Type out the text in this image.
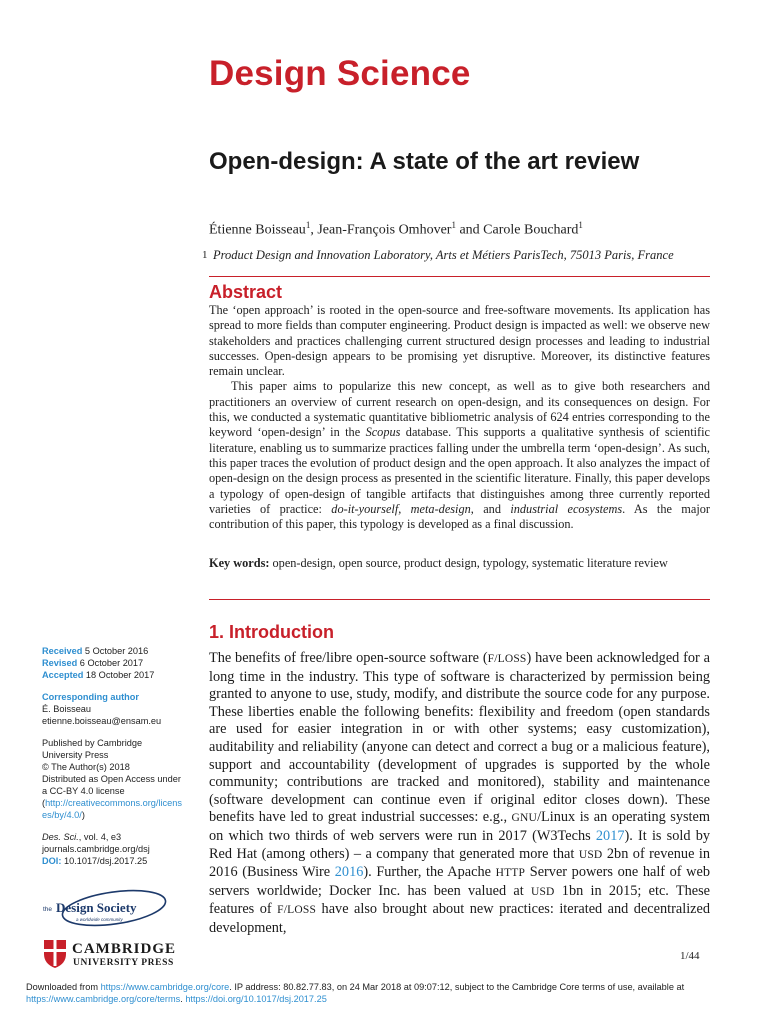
Design Science
Open-design: A state of the art review
Étienne Boisseau$^1$, Jean-François Omhover$^1$ and Carole Bouchard$^1$
1 Product Design and Innovation Laboratory, Arts et Métiers ParisTech, 75013 Paris, France
Abstract

The ‘open approach’ is rooted in the open-source and free-software movements. Its application has spread to more fields than computer engineering. Product design is impacted as well: we observe new stakeholders and practices challenging current structured design processes and leading to industrial successes. Open-design appears to be promising yet disruptive. Moreover, its distinctive features remain unclear.

This paper aims to popularize this new concept, as well as to give both researchers and practitioners an overview of current research on open-design, and its consequences on design. For this, we conducted a systematic quantitative bibliometric analysis of 624 entries corresponding to the keyword ‘open-design’ in the Scopus database. This supports a qualitative synthesis of scientific literature, enabling us to summarize practices falling under the umbrella term ‘open-design’. As such, this paper traces the evolution of product design and the open approach. It also analyzes the impact of open-design on the design process as presented in the scientific literature. Finally, this paper develops a typology of open-design of tangible artifacts that distinguishes among three currently reported varieties of practice: do-it-yourself, meta-design, and industrial ecosystems. As the major contribution of this paper, this typology is developed as a final discussion.

Key words: open-design, open source, product design, typology, systematic literature review
1. Introduction

The benefits of free/libre open-source software (F/LOSS) have been acknowledged for a long time in the industry. This type of software is characterized by permission being granted to anyone to use, study, modify, and distribute the source code for any purpose. These liberties enable the following benefits: flexibility and freedom (open standards are used for easier integration in or with other systems; easy customization), auditability and reliability (anyone can detect and correct a bug or a malicious feature), support and accountability (development of upgrades is supported by the whole community; contributions are tracked and monitored), stability and maintenance (software development can continue even if original editor closes down). These benefits have led to great industrial successes: e.g., GNU/Linux is an operating system on which two thirds of web servers were run in 2017 (W3Techs 2017). It is sold by Red Hat (among others) – a company that generated more that USD 2bn of revenue in 2016 (Business Wire 2016). Further, the Apache HTTP Server powers one half of web servers worldwide; Docker Inc. has been valued at USD 1bn in 2015; etc. These features of F/LOSS have also brought about new practices: iterated and decentralized development,

Received 5 October 2016
Revised 6 October 2017
Accepted 18 October 2017
Corresponding author
É. Boisseau
etienne.boisseau@ensam.eu
Published by Cambridge University Press
© The Author(s) 2018
Distributed as Open Access under a CC-BY 4.0 license
(http://creativecommons.org/licenses/by/4.0/)
Des. Sci., vol. 4, e3
journals.cambridge.org/dsj
DOI: 10.1017/dsj.2017.25
the Design Society
a worldwide community
CAMBRIDGE
UNIVERSITY PRESS
1/44
Downloaded from https://www.cambridge.org/core. IP address: 80.82.77.83, on 24 Mar 2018 at 09:07:12, subject to the Cambridge Core terms of use, available at https://www.cambridge.org/core/terms. https://doi.org/10.1017/dsj.2017.25
